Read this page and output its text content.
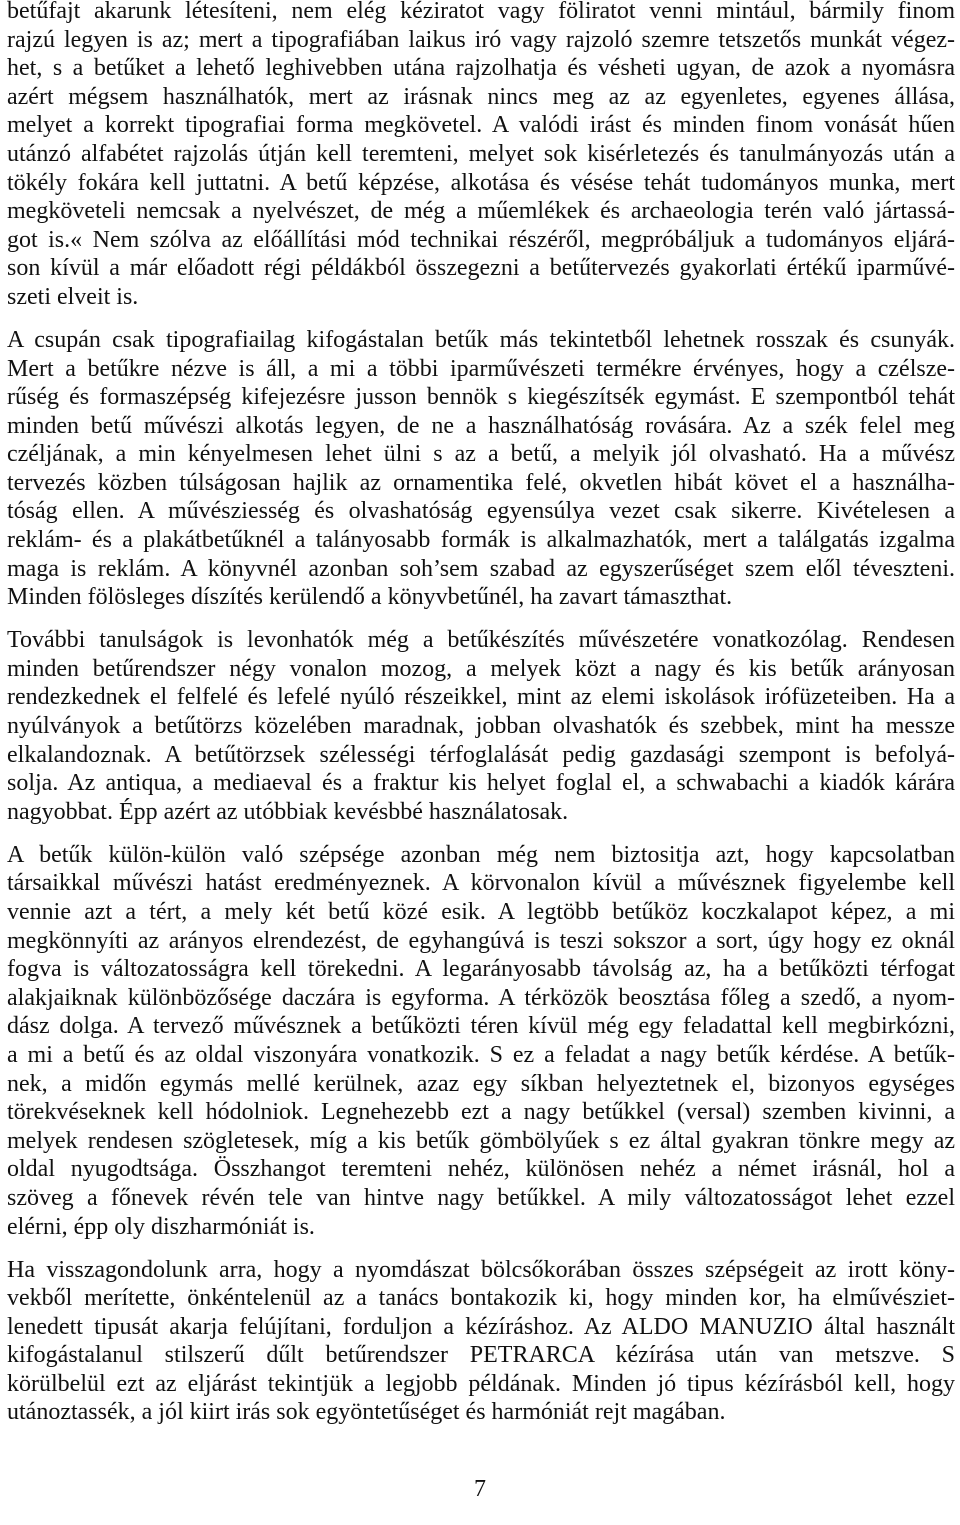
betűfajt akarunk létesíteni, nem elég kéziratot vagy föliratot venni mintául, bármily finom
rajzú legyen is az; mert a tipografiában laikus iró vagy rajzoló szemre tetszetős munkát végez-
het, s a betűket a lehető leghivebben utána rajzolhatja és vésheti ugyan, de azok a nyomásra
azért mégsem használhatók, mert az irásnak nincs meg az az egyenletes, egyenes állása,
melyet a korrekt tipografiai forma megkövetel. A valódi irást és minden finom vonását hűen
utánzó alfabétet rajzolás útján kell teremteni, melyet sok kisérletezés és tanulmányozás után a
tökély fokára kell juttatni. A betű képzése, alkotása és vésése tehát tudományos munka, mert
megköveteli nemcsak a nyelvészet, de még a műemlékek és archaeologia terén való jártassá-
got is.« Nem szólva az előállítási mód technikai részéről, megpróbáljuk a tudományos eljárá-
son kívül a már előadott régi példákból összegezni a betűtervezés gyakorlati értékű iparművé-
szeti elveit is.
A csupán csak tipografiailag kifogástalan betűk más tekintetből lehetnek rosszak és csunyák.
Mert a betűkre nézve is áll, a mi a többi iparművészeti termékre érvényes, hogy a czélsze-
rűség és formaszépség kifejezésre jusson bennök s kiegészítsék egymást. E szempontból tehát
minden betű művészi alkotás legyen, de ne a használhatóság rovására. Az a szék felel meg
czéljának, a min kényelmesen lehet ülni s az a betű, a melyik jól olvasható. Ha a művész
tervezés közben túlságosan hajlik az ornamentika felé, okvetlen hibát követ el a használha-
tóság ellen. A művésziesség és olvashatóság egyensúlya vezet csak sikerre. Kivételesen a
reklám- és a plakátbetűknél a talányosabb formák is alkalmazhatók, mert a találgatás izgalma
maga is reklám. A könyvnél azonban soh’sem szabad az egyszerűséget szem elől téveszteni.
Minden fölösleges díszítés kerülendő a könyvbetűnél, ha zavart támaszthat.
További tanulságok is levonhatók még a betűkészítés művészetére vonatkozólag. Rendesen
minden betűrendszer négy vonalon mozog, a melyek közt a nagy és kis betűk arányosan
rendezkednek el felfelé és lefelé nyúló részeikkel, mint az elemi iskolások irófüzeteiben. Ha a
nyúlványok a betűtörzs közelében maradnak, jobban olvashatók és szebbek, mint ha messze
elkalandoznak. A betűtörzsek szélességi térfoglalását pedig gazdasági szempont is befolyá-
solja. Az antiqua, a mediaeval és a fraktur kis helyet foglal el, a schwabachi a kiadók kárára
nagyobbat. Épp azért az utóbbiak kevésbbé használatosak.
A betűk külön-külön való szépsége azonban még nem biztositja azt, hogy kapcsolatban
társaikkal művészi hatást eredményeznek. A körvonalon kívül a művésznek figyelembe kell
vennie azt a tért, a mely két betű közé esik. A legtöbb betűköz koczkalapot képez, a mi
megkönnyíti az arányos elrendezést, de egyhangúvá is teszi sokszor a sort, úgy hogy ez oknál
fogva is változatosságra kell törekedni. A legarányosabb távolság az, ha a betűközti térfogat
alakjaiknak különbözősége daczára is egyforma. A térközök beosztása főleg a szedő, a nyom-
dász dolga. A tervező művésznek a betűközti téren kívül még egy feladattal kell megbirkózni,
a mi a betű és az oldal viszonyára vonatkozik. S ez a feladat a nagy betűk kérdése. A betűk-
nek, a midőn egymás mellé kerülnek, azaz egy síkban helyeztetnek el, bizonyos egységes
törekvéseknek kell hódolniok. Legnehezebb ezt a nagy betűkkel (versal) szemben kivinni, a
melyek rendesen szögletesek, míg a kis betűk gömbölyűek s ez által gyakran tönkre megy az
oldal nyugodtsága. Összhangot teremteni nehéz, különösen nehéz a német irásnál, hol a
szöveg a főnevek révén tele van hintve nagy betűkkel. A mily változatosságot lehet ezzel
elérni, épp oly diszharmóniát is.
Ha visszagondolunk arra, hogy a nyomdászat bölcsőkorában összes szépségeit az irott köny-
vekből merítette, önkéntelenül az a tanács bontakozik ki, hogy minden kor, ha elművésziet-
lenedett tipusát akarja felújítani, forduljon a kézíráshoz. Az ALDO MANUZIO által használt
kifogástalanul stilszerű dűlt betűrendszer PETRARCA kézírása után van metszve. S
körülbelül ezt az eljárást tekintjük a legjobb példának. Minden jó tipus kézírásból kell, hogy
utánoztassék, a jól kiirt irás sok egyöntetűséget és harmóniát rejt magában.
7
